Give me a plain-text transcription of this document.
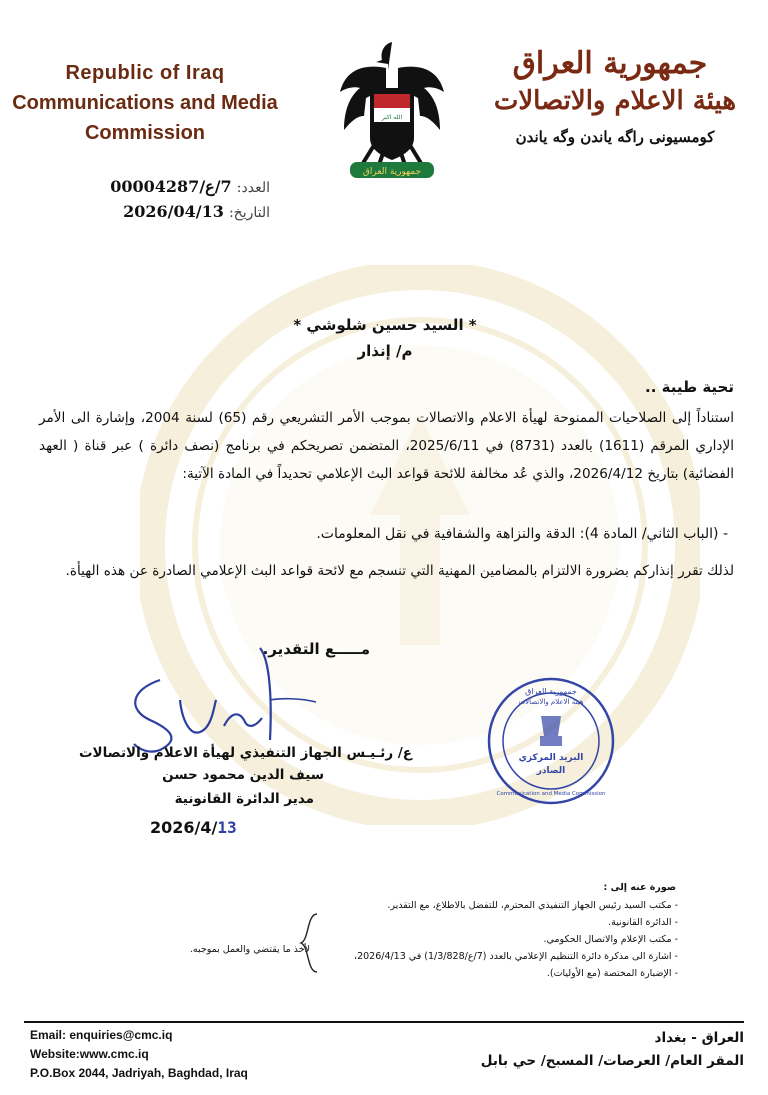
Republic of Iraq
Communications and Media
Commission
الله اكبر
جمهورية العراق
جمهورية العراق
هيئة الاعلام والاتصالات
كومسيونى راگه ياندن وگه ياندن
العدد: 7/ع/00004287
التاريخ: 2026/04/13
* السيد حسين شلوشي *
م/ إنذار
تحية طيبة ..
استناداً إلى الصلاحيات الممنوحة لهيأة الاعلام والاتصالات بموجب الأمر التشريعي رقم (65) لسنة 2004، وإشارة الى الأمر الإداري المرقم (1611) بالعدد (8731) في 2025/6/11، المتضمن تصريحكم في برنامج (نصف دائرة ) عبر قناة ( العهد الفضائية) بتاريخ 2026/4/12، والذي عُد مخالفة للائحة قواعد البث الإعلامي تحديداً في المادة الآتية:
- (الباب الثاني/ المادة 4): الدقة والنزاهة والشفافية في نقل المعلومات.
لذلك تقرر إنذاركم بضرورة الالتزام بالمضامين المهنية التي تنسجم مع لائحة قواعد البث الإعلامي الصادرة عن هذه الهيأة.
مـــــع التقدير.
ع/ رئـيـس الجهاز التنفيذي لهيأة الاعلام والاتصالات
سيف الدين محمود حسن
مدير الدائرة القانونية
2026/4/13
جمهورية العراق
هيئة الاعلام والاتصالات
البريد المركزي
الصادر
Communication and Media Commission
صورة عنه إلى :
- مكتب السيد رئيس الجهاز التنفيذي المحترم، للتفضل بالاطلاع، مع التقدير.
- الدائرة القانونية.
- مكتب الإعلام والاتصال الحكومي.
- اشارة الى مذكرة دائرة التنظيم الإعلامي بالعدد (7/ع/1/3/828) في 2026/4/13،
- الإضبارة المختصة (مع الأوليات).
لأخذ ما يقتضي والعمل بموجبه.
Email: enquiries@cmc.iq
Website:www.cmc.iq
P.O.Box 2044, Jadriyah, Baghdad, Iraq
العراق - بغداد
المقر العام/ العرصات/ المسبح/ حي بابل
